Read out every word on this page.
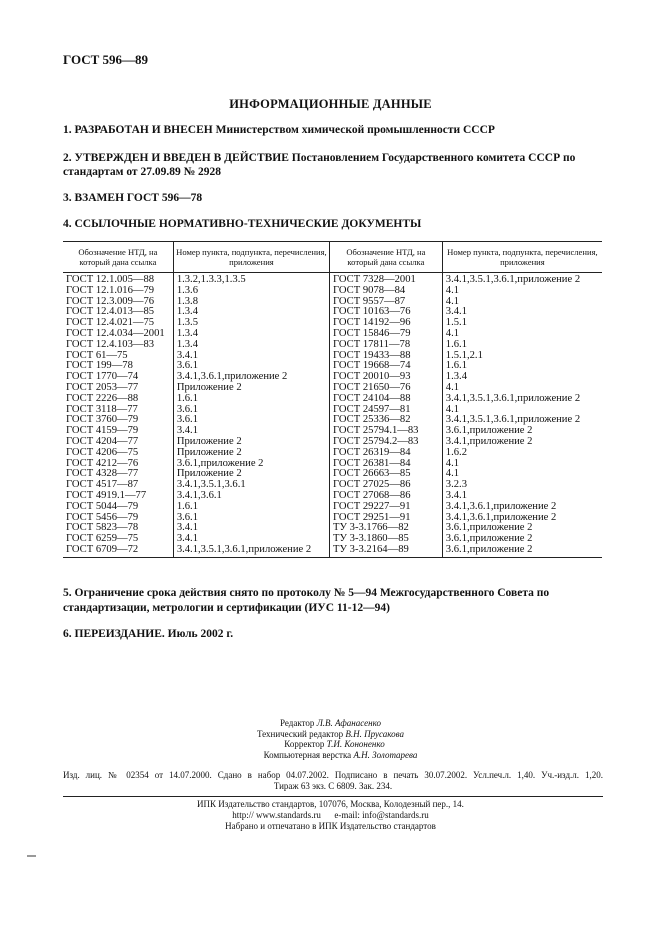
ГОСТ 596—89
ИНФОРМАЦИОННЫЕ ДАННЫЕ
1. РАЗРАБОТАН И ВНЕСЕН Министерством химической промышленности СССР
2. УТВЕРЖДЕН И ВВЕДЕН В ДЕЙСТВИЕ Постановлением Государственного комитета СССР по стандартам от 27.09.89 № 2928
3. ВЗАМЕН ГОСТ 596—78
4. ССЫЛОЧНЫЕ НОРМАТИВНО-ТЕХНИЧЕСКИЕ ДОКУМЕНТЫ
Обозначение НТД, на который дана ссылка	Номер пункта, подпункта, перечисления, приложения	Обозначение НТД, на который дана ссылка	Номер пункта, подпункта, перечисления, приложения
ГОСТ 12.1.005—88	1.3.2,1.3.3,1.3.5	ГОСТ 7328—2001	3.4.1,3.5.1,3.6.1,приложение 2
ГОСТ 12.1.016—79	1.3.6	ГОСТ 9078—84	4.1
ГОСТ 12.3.009—76	1.3.8	ГОСТ 9557—87	4.1
ГОСТ 12.4.013—85	1.3.4	ГОСТ 10163—76	3.4.1
ГОСТ 12.4.021—75	1.3.5	ГОСТ 14192—96	1.5.1
ГОСТ 12.4.034—2001	1.3.4	ГОСТ 15846—79	4.1
ГОСТ 12.4.103—83	1.3.4	ГОСТ 17811—78	1.6.1
ГОСТ 61—75	3.4.1	ГОСТ 19433—88	1.5.1,2.1
ГОСТ 199—78	3.6.1	ГОСТ 19668—74	1.6.1
ГОСТ 1770—74	3.4.1,3.6.1,приложение 2	ГОСТ 20010—93	1.3.4
ГОСТ 2053—77	Приложение 2	ГОСТ 21650—76	4.1
ГОСТ 2226—88	1.6.1	ГОСТ 24104—88	3.4.1,3.5.1,3.6.1,приложение 2
ГОСТ 3118—77	3.6.1	ГОСТ 24597—81	4.1
ГОСТ 3760—79	3.6.1	ГОСТ 25336—82	3.4.1,3.5.1,3.6.1,приложение 2
ГОСТ 4159—79	3.4.1	ГОСТ 25794.1—83	3.6.1,приложение 2
ГОСТ 4204—77	Приложение 2	ГОСТ 25794.2—83	3.4.1,приложение 2
ГОСТ 4206—75	Приложение 2	ГОСТ 26319—84	1.6.2
ГОСТ 4212—76	3.6.1,приложение 2	ГОСТ 26381—84	4.1
ГОСТ 4328—77	Приложение 2	ГОСТ 26663—85	4.1
ГОСТ 4517—87	3.4.1,3.5.1,3.6.1	ГОСТ 27025—86	3.2.3
ГОСТ 4919.1—77	3.4.1,3.6.1	ГОСТ 27068—86	3.4.1
ГОСТ 5044—79	1.6.1	ГОСТ 29227—91	3.4.1,3.6.1,приложение 2
ГОСТ 5456—79	3.6.1	ГОСТ 29251—91	3.4.1,3.6.1,приложение 2
ГОСТ 5823—78	3.4.1	ТУ 3-3.1766—82	3.6.1,приложение 2
ГОСТ 6259—75	3.4.1	ТУ 3-3.1860—85	3.6.1,приложение 2
ГОСТ 6709—72	3.4.1,3.5.1,3.6.1,приложение 2	ТУ 3-3.2164—89	3.6.1,приложение 2
5. Ограничение срока действия снято по протоколу № 5—94 Межгосударственного Совета по стандартизации, метрологии и сертификации (ИУС 11-12—94)
6. ПЕРЕИЗДАНИЕ. Июль 2002 г.
Редактор Л.В. Афанасенко
Технический редактор В.Н. Прусакова
Корректор Т.И. Кононенко
Компьютерная верстка А.Н. Золотарева
Изд. лиц. № 02354 от 14.07.2000. Сдано в набор 04.07.2002. Подписано в печать 30.07.2002. Усл.печ.л. 1,40. Уч.-изд.л. 1,20.
Тираж 63 экз. С 6809. Зак. 234.
ИПК Издательство стандартов, 107076, Москва, Колодезный пер., 14.
http:// www.standards.ru      e-mail: info@standards.ru
Набрано и отпечатано в ИПК Издательство стандартов
